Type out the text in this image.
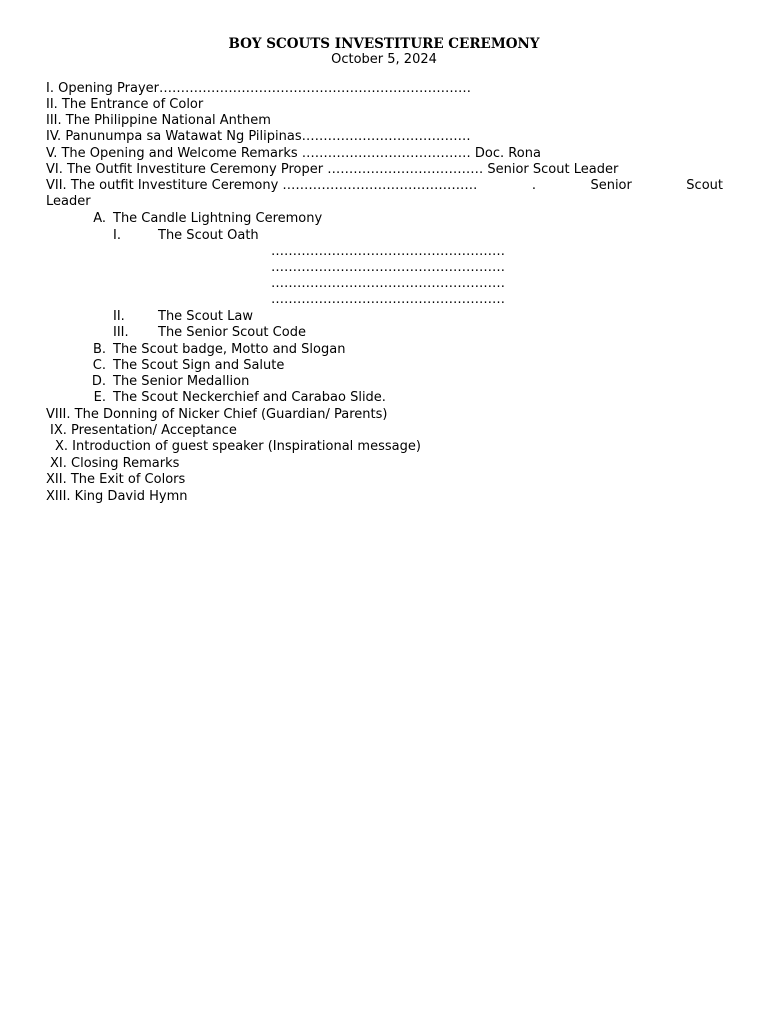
BOY SCOUTS INVESTITURE CEREMONY
October 5, 2024
I. Opening Prayer………………………………………………………………
II. The Entrance of Color
III. The Philippine National Anthem
IV. Panunumpa sa Watawat Ng Pilipinas…………………………………
V. The Opening and Welcome Remarks ………………………………… Doc. Rona
VI. The Outfit Investiture Ceremony Proper ……………………………… Senior Scout Leader
VII. The outfit Investiture Ceremony ………………………………………	.	Senior	Scout
Leader
A. The Candle Lightning Ceremony
I.	The Scout Oath
………………………………………………
………………………………………………
………………………………………………
………………………………………………
II.	The Scout Law
III. The Senior Scout Code
B. The Scout badge, Motto and Slogan
C. The Scout Sign and Salute
D. The Senior Medallion
E. The Scout Neckerchief and Carabao Slide.
VIII. The Donning of Nicker Chief (Guardian/ Parents)
IX. Presentation/ Acceptance
X. Introduction of guest speaker (Inspirational message)
XI. Closing Remarks
XII. The Exit of Colors
XIII. King David Hymn
